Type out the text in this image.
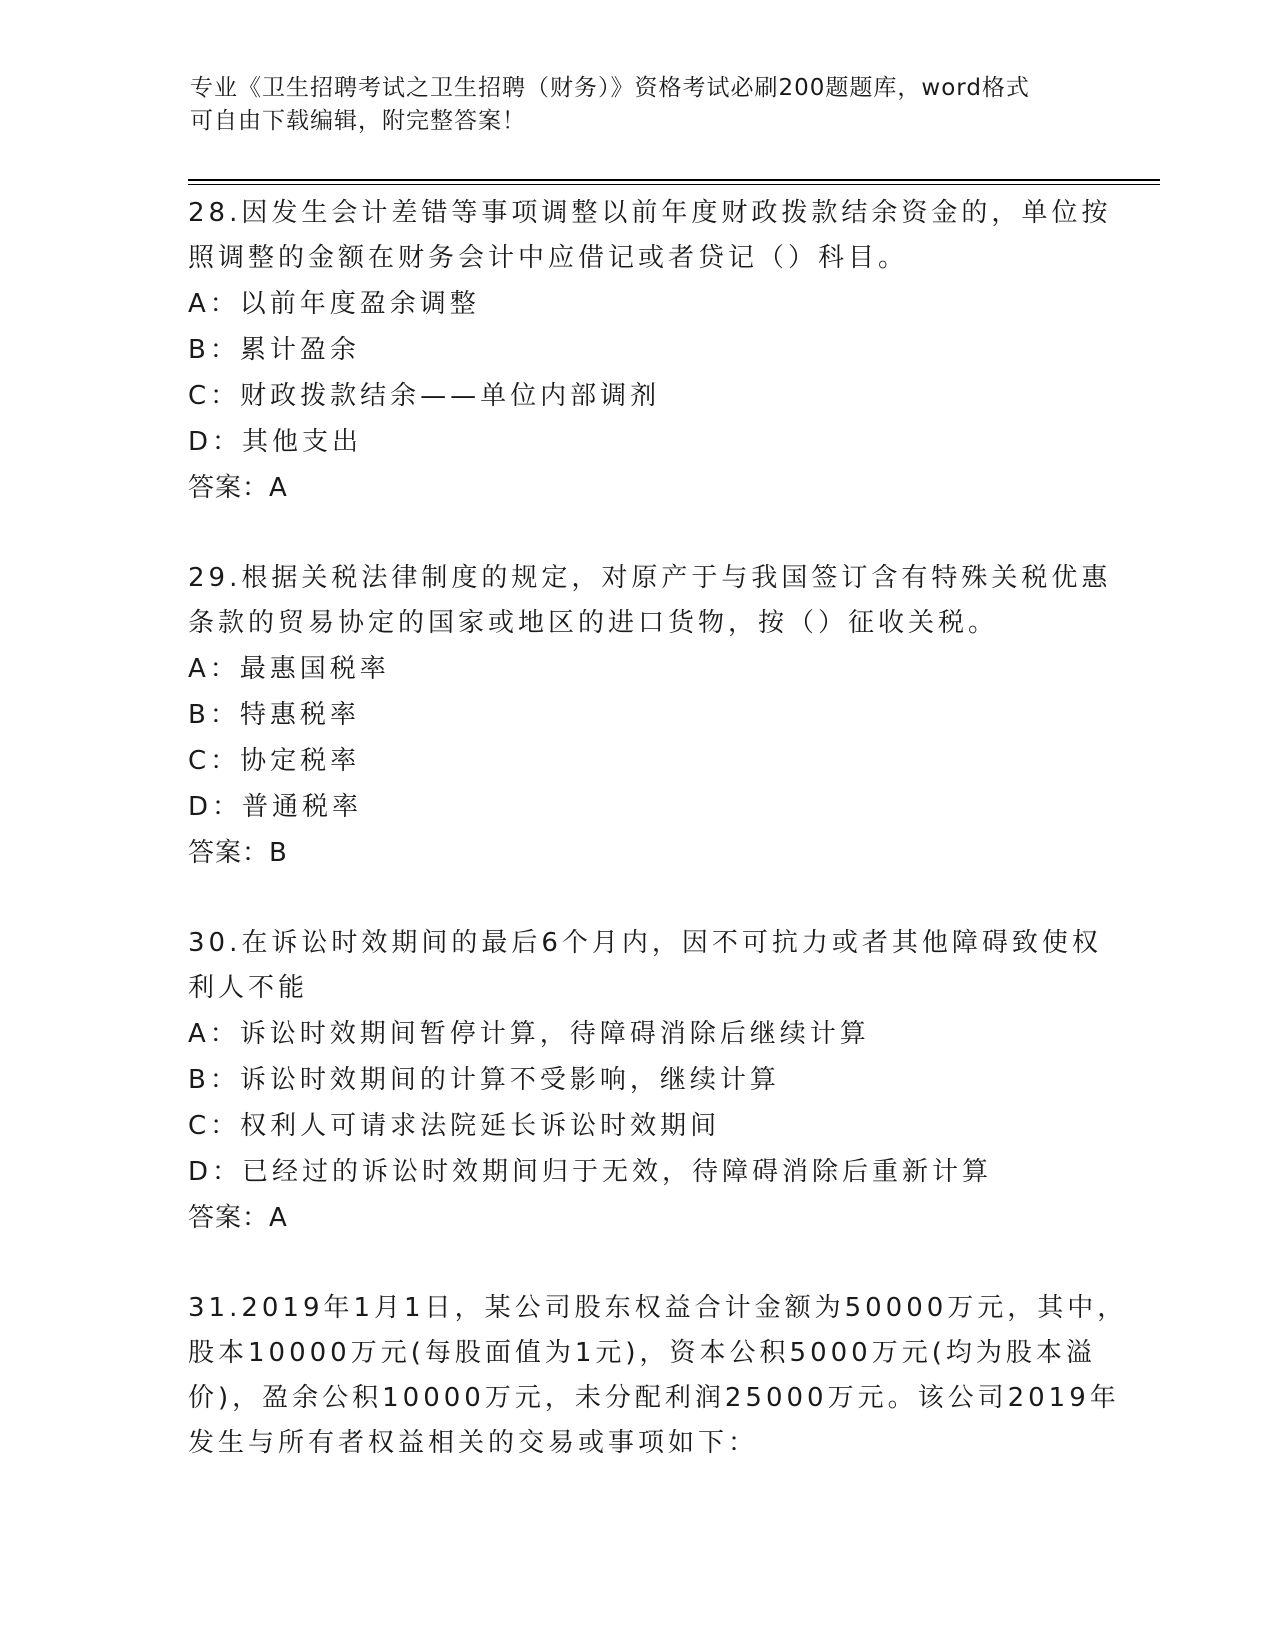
专业《卫生招聘考试之卫生招聘（财务）》资格考试必刷200题题库，word格式
可自由下载编辑，附完整答案！
28.因发生会计差错等事项调整以前年度财政拨款结余资金的，单位按
照调整的金额在财务会计中应借记或者贷记（）科目。
A：以前年度盈余调整
B：累计盈余
C：财政拨款结余——单位内部调剂
D：其他支出
答案：A
29.根据关税法律制度的规定，对原产于与我国签订含有特殊关税优惠
条款的贸易协定的国家或地区的进口货物，按（）征收关税。
A：最惠国税率
B：特惠税率
C：协定税率
D：普通税率
答案：B
30.在诉讼时效期间的最后6个月内，因不可抗力或者其他障碍致使权
利人不能
A：诉讼时效期间暂停计算，待障碍消除后继续计算
B：诉讼时效期间的计算不受影响，继续计算
C：权利人可请求法院延长诉讼时效期间
D：已经过的诉讼时效期间归于无效，待障碍消除后重新计算
答案：A
31.2019年1月1日，某公司股东权益合计金额为50000万元，其中，
股本10000万元(每股面值为1元)，资本公积5000万元(均为股本溢
价)，盈余公积10000万元，未分配利润25000万元。该公司2019年
发生与所有者权益相关的交易或事项如下：
